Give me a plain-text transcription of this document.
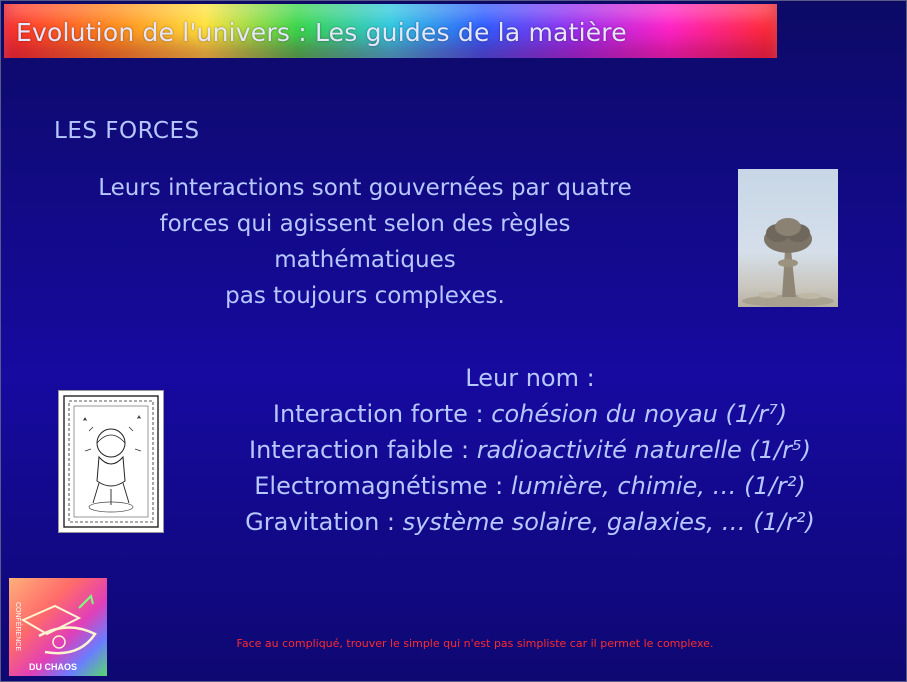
Evolution de l'univers : Les guides de la matière
LES FORCES
Leurs interactions sont gouvernées par quatre
forces qui agissent selon des règles
mathématiques
pas toujours complexes.
Leur nom :
Interaction forte : cohésion du noyau (1/r⁷)
Interaction faible : radioactivité naturelle (1/r⁵)
Electromagnétisme : lumière, chimie, … (1/r²)
Gravitation : système solaire, galaxies, … (1/r²)
CONFÉRENCE
DU CHAOS
Face au compliqué, trouver le simple qui n'est pas simpliste car il permet le complexe.
